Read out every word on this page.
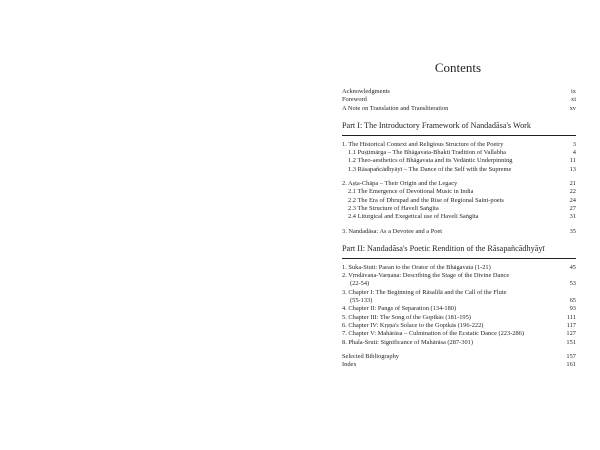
Contents
Acknowledgments	ix
Foreword	xi
A Note on Translation and Transliteration	xv
Part I: The Introductory Framework of Nandadāsa's Work
1. The Historical Context and Religious Structure of the Poetry	3
1.1 Puṣṭimārga – The Bhāgavata-Bhakti Tradition of Vallabha	4
1.2 Theo-aesthetics of Bhāgavata and its Vedāntic Underpinning	11
1.3 Rāsapañcādhyāyī – The Dance of the Self with the Supreme	13
2. Aṣṭa-Chāpa – Their Origin and the Legacy	21
2.1 The Emergence of Devotional Music in India	22
2.2 The Era of Dhrupad and the Rise of Regional Saint-poets	24
2.3 The Structure of Havelī Saṅgīta	27
2.4 Liturgical and Exegetical use of Havelī Saṅgīta	31
3. Nandadāsa: As a Devotee and a Poet	35
Part II: Nandadāsa's Poetic Rendition of the Rāsapañcādhyāyī
1. Śuka-Stuti: Paean to the Orator of the Bhāgavata (1-21)	45
2. Vṛndāvana-Varṇana: Describing the Stage of the Divine Dance
(22-54)	53
3. Chapter I: The Beginning of Rāsalīlā and the Call of the Flute
(55-133)	65
4. Chapter II: Pangs of Separation (134-180)	93
5. Chapter III: The Song of the Gopikās (181-195)	111
6. Chapter IV: Kṛṣṇa's Solace to the Gopikās (196-222)	117
7. Chapter V: Mahārāsa – Culmination of the Ecstatic Dance (223-286)	127
8. Phala-Śruti: Significance of Mahārāsa (287-301)	151
Selected Bibliography	157
Index	161
